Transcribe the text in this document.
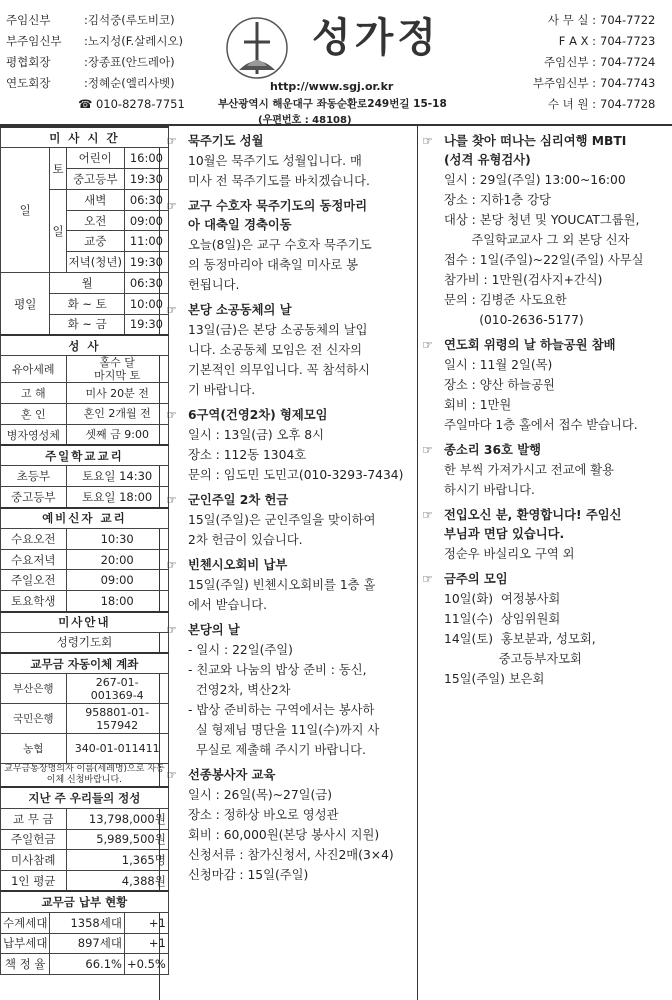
주임신부	: 김석중(루도비코)
부주임신부	: 노지성(F.살레시오)
평협회장	: 장종표(안드레아)
연도회장	: 정혜순(엘리사벳)
☎ 010-8278-7751
성가정
http://www.sgj.or.kr
부산광역시 해운대구 좌동순환로249번길 15-18
(우편번호 : 48108)
사 무 실 : 704-7722
F A X : 704-7723
주임신부 : 704-7724
부주임신부 : 704-7743
수 녀 원 : 704-7728
미 사 시 간			
일	토	어린이	16:00
		중고등부	19:30
	일	새벽	06:30
		오전	09:00
		교중	11:00
		저녁(청년)	19:30
평일	월		06:30
	화 ~ 토		10:00
	화 ~ 금		19:30
성 사			
유아세례		홀수 달
마지막 토	
고 해		미사 20분 전	
혼 인		혼인 2개월 전	
병자영성체		셋째 금 9:00	
주일학교교리			
초등부		토요일 14:30	
중고등부		토요일 18:00	
예비신자 교리			
수요오전		10:30	
수요저녁		20:00	
주일오전		09:00	
토요학생		18:00	
미사안내			
성령기도회			
교무금 자동이체 계좌			
부산은행		267-01-
001369-4	
국민은행		958801-01-
157942	
농협		340-01-011411	
교무금통장명의자 이름(세례명)으로 자동이체 신청바랍니다.			
지난 주 우리들의 정성			
교 무 금		13,798,000원	
주일헌금		5,989,500원	
미사참례		1,365명	
1인 평균		4,388원	
교무금 납부 현황			
수계세대	1358세대		+1
납부세대	897세대		+1
책 정 율	66.1%		+0.5%
☞ 묵주기도 성월
10월은 묵주기도 성월입니다. 매
미사 전 묵주기도를 바치겠습니다.
☞ 교구 수호자 묵주기도의 동정마리
아 대축일 경축이동
오늘(8일)은 교구 수호자 묵주기도
의 동정마리아 대축일 미사로 봉
헌됩니다.
☞ 본당 소공동체의 날
13일(금)은 본당 소공동체의 날입
니다. 소공동체 모임은 전 신자의
기본적인 의무입니다. 꼭 참석하시
기 바랍니다.
☞ 6구역(건영2차) 형제모임
일시 : 13일(금) 오후 8시
장소 : 112동 1304호
문의 : 임도민 도민고(010-3293-7434)
☞ 군인주일 2차 헌금
15일(주일)은 군인주일을 맞이하여
2차 헌금이 있습니다.
☞ 빈첸시오회비 납부
15일(주일) 빈첸시오회비를 1층 홀
에서 받습니다.
☞ 본당의 날
- 일시 : 22일(주일)
- 친교와 나눔의 밥상 준비 : 동신,
건영2차, 벽산2차
- 밥상 준비하는 구역에서는 봉사하
실 형제님 명단을 11일(수)까지 사
무실로 제출해 주시기 바랍니다.
☞ 선종봉사자 교육
일시 : 26일(목)~27일(금)
장소 : 정하상 바오로 영성관
회비 : 60,000원(본당 봉사시 지원)
신청서류 : 참가신청서, 사진2매(3×4)
신청마감 : 15일(주일)
☞ 나를 찾아 떠나는 심리여행 MBTI
(성격 유형검사)
일시 : 29일(주일) 13:00~16:00
장소 : 지하1층 강당
대상 : 본당 청년 및 YOUCAT그룹원,
주일학교교사 그 외 본당 신자
접수 : 1일(주일)~22일(주일) 사무실
참가비 : 1만원(검사지+간식)
문의 : 김병준 사도요한
(010-2636-5177)
☞ 연도회 위령의 날 하늘공원 참배
일시 : 11월 2일(목)
장소 : 양산 하늘공원
회비 : 1만원
주일마다 1층 홀에서 접수 받습니다.
☞ 종소리 36호 발행
한 부씩 가져가시고 전교에 활용
하시기 바랍니다.
☞ 전입오신 분, 환영합니다! 주임신
부님과 면담 있습니다.
정순우 바실리오 구역 외
☞ 금주의 모임
10일(화)  여정봉사회
11일(수)  상임위원회
14일(토)  홍보분과, 성모회,
중고등부자모회
15일(주일) 보은회
